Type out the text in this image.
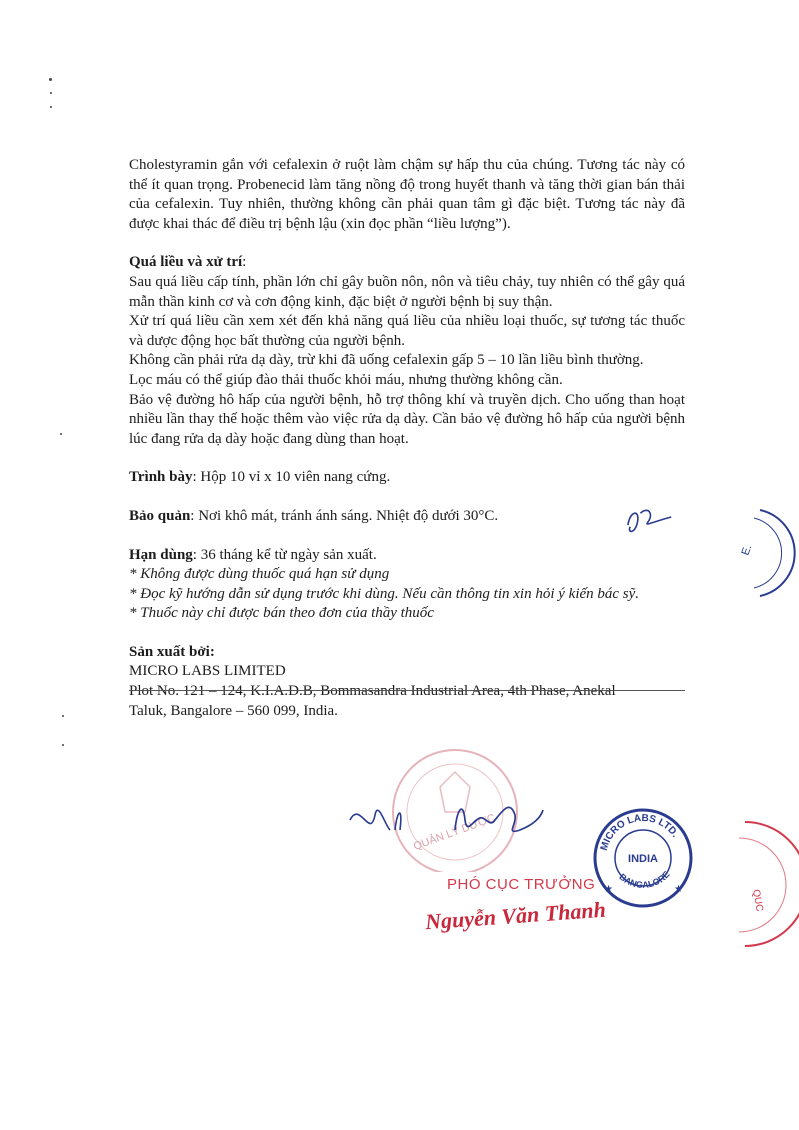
Cholestyramin gắn với cefalexin ở ruột làm chậm sự hấp thu của chúng. Tương tác này có thể ít quan trọng. Probenecid làm tăng nồng độ trong huyết thanh và tăng thời gian bán thải của cefalexin. Tuy nhiên, thường không cần phải quan tâm gì đặc biệt. Tương tác này đã được khai thác để điều trị bệnh lậu (xin đọc phần “liều lượng”).

Quá liều và xử trí:

Sau quá liều cấp tính, phần lớn chỉ gây buồn nôn, nôn và tiêu chảy, tuy nhiên có thể gây quá mẫn thần kinh cơ và cơn động kinh, đặc biệt ở người bệnh bị suy thận.

Xử trí quá liều cần xem xét đến khả năng quá liều của nhiều loại thuốc, sự tương tác thuốc và dược động học bất thường của người bệnh.

Không cần phải rửa dạ dày, trừ khi đã uống cefalexin gấp 5 – 10 lần liều bình thường.

Lọc máu có thể giúp đào thải thuốc khỏi máu, nhưng thường không cần.

Bảo vệ đường hô hấp của người bệnh, hỗ trợ thông khí và truyền dịch. Cho uống than hoạt nhiều lần thay thế hoặc thêm vào việc rửa dạ dày. Cần bảo vệ đường hô hấp của người bệnh lúc đang rửa dạ dày hoặc đang dùng than hoạt.

Trình bày: Hộp 10 vỉ x 10 viên nang cứng.

Bảo quản: Nơi khô mát, tránh ánh sáng. Nhiệt độ dưới 30°C.

Hạn dùng: 36 tháng kể từ ngày sản xuất.

* Không được dùng thuốc quá hạn sử dụng

* Đọc kỹ hướng dẫn sử dụng trước khi dùng. Nếu cần thông tin xin hỏi ý kiến bác sỹ.

* Thuốc này chỉ được bán theo đơn của thầy thuốc

Sản xuất bởi:

MICRO LABS LIMITED

Plot No. 121 – 124, K.I.A.D.B, Bommasandra Industrial Area, 4th Phase, Anekal Taluk, Bangalore – 560 099, India.

E.
QUẢN LÝ DƯỢC	MICRO LABS LTD.
BANGALORE
INDIA
★	★	QUC
PHÓ CỤC TRƯỞNG
Nguyễn Văn Thanh
